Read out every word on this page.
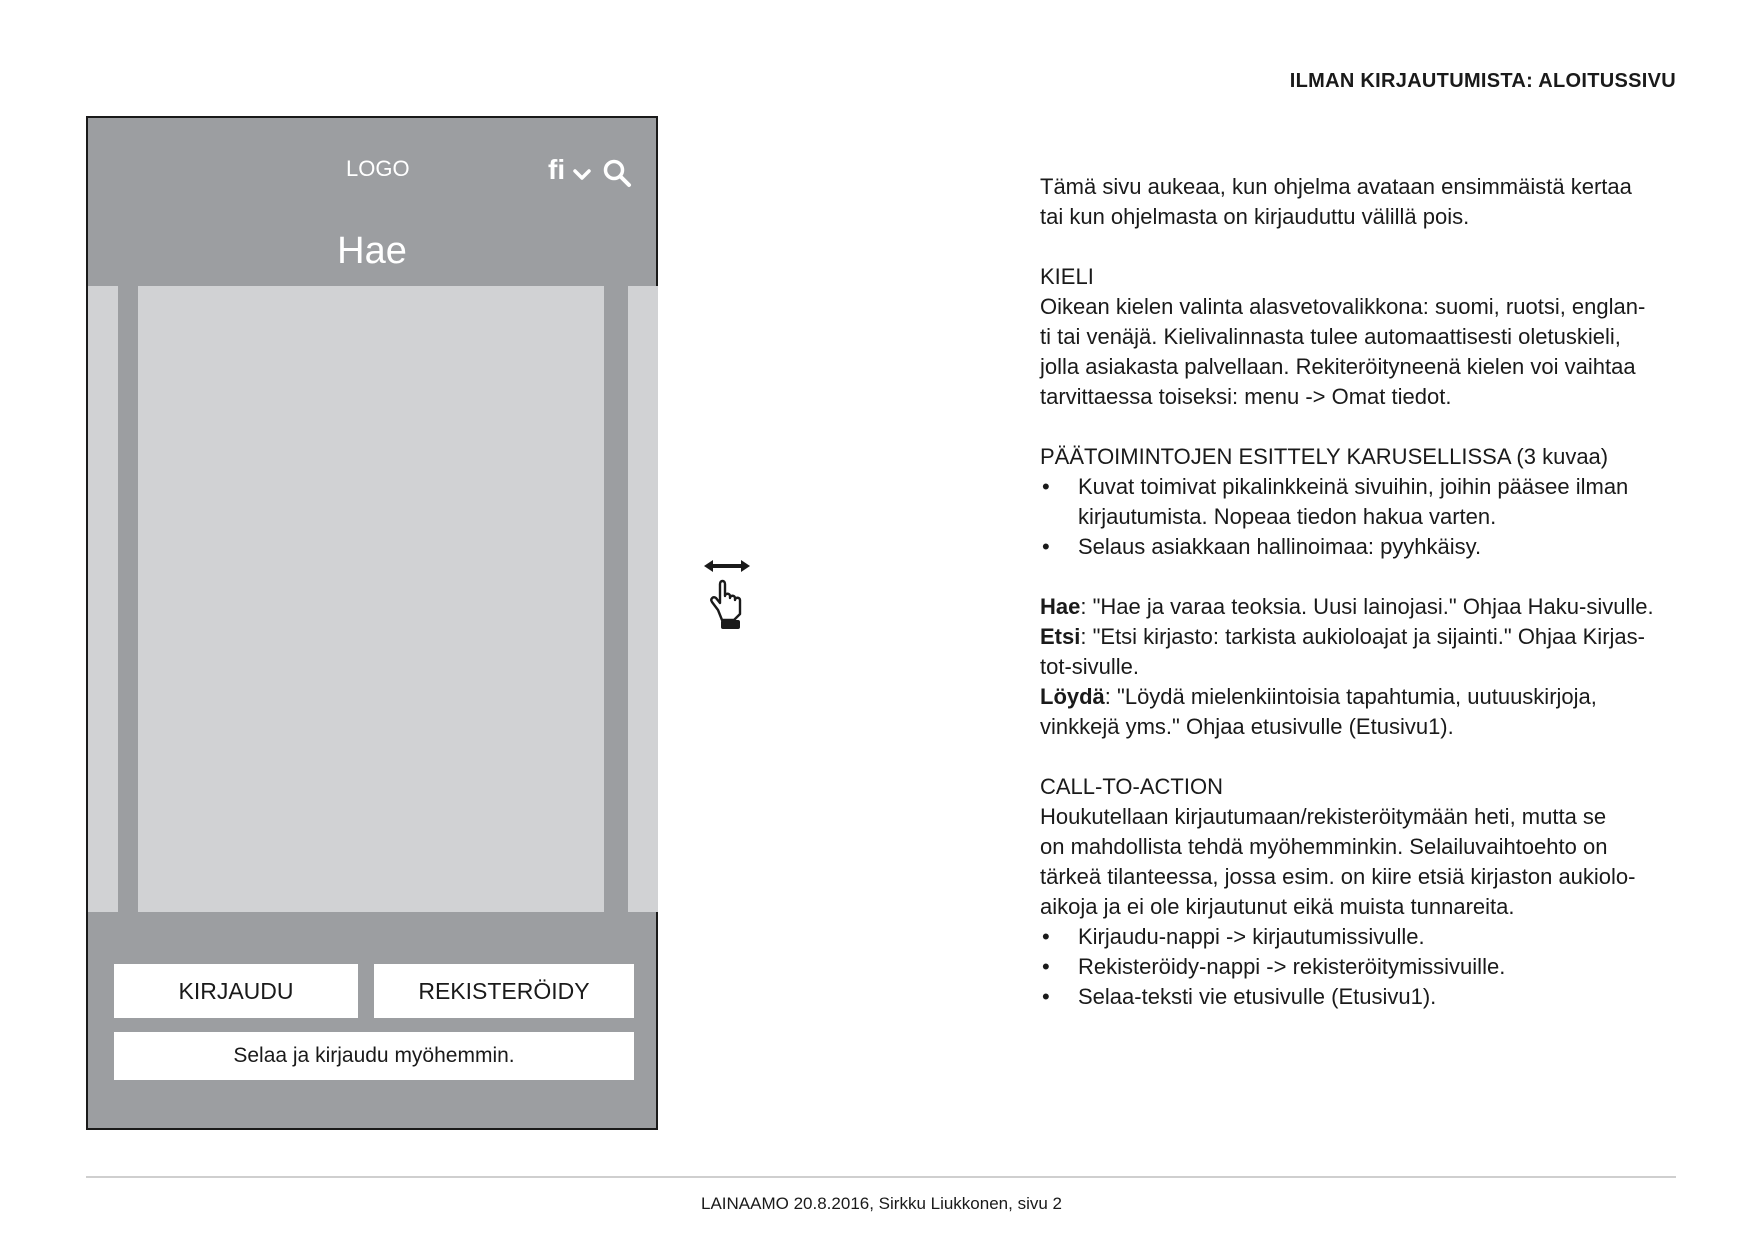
ILMAN KIRJAUTUMISTA: ALOITUSSIVU
LOGO	fi
Hae
KIRJAUDU	REKISTERÖIDY
Selaa ja kirjaudu myöhemmin.

Tämä sivu aukeaa, kun ohjelma avataan ensimmäistä kertaa

tai kun ohjelmasta on kirjauduttu välillä pois.

KIELI

Oikean kielen valinta alasvetovalikkona: suomi, ruotsi, englan-

ti tai venäjä. Kielivalinnasta tulee automaattisesti oletuskieli,

jolla asiakasta palvellaan. Rekiteröityneenä kielen voi vaihtaa

tarvittaessa toiseksi: menu -> Omat tiedot.

PÄÄTOIMINTOJEN ESITTELY KARUSELLISSA (3 kuvaa)

• Kuvat toimivat pikalinkkeinä sivuihin, joihin pääsee ilman
kirjautumista. Nopeaa tiedon hakua varten.
• Selaus asiakkaan hallinoimaa: pyyhkäisy.

Hae: "Hae ja varaa teoksia. Uusi lainojasi." Ohjaa Haku-sivulle.

Etsi: "Etsi kirjasto: tarkista aukioloajat ja sijainti." Ohjaa Kirjas-

tot-sivulle.

Löydä: "Löydä mielenkiintoisia tapahtumia, uutuuskirjoja,

vinkkejä yms." Ohjaa etusivulle (Etusivu1).

CALL-TO-ACTION

Houkutellaan kirjautumaan/rekisteröitymään heti, mutta se

on mahdollista tehdä myöhemminkin. Selailuvaihtoehto on

tärkeä tilanteessa, jossa esim. on kiire etsiä kirjaston aukiolo-

aikoja ja ei ole kirjautunut eikä muista tunnareita.

• Kirjaudu-nappi -> kirjautumissivulle.
• Rekisteröidy-nappi -> rekisteröitymissivuille.
• Selaa-teksti vie etusivulle (Etusivu1).
LAINAAMO 20.8.2016, Sirkku Liukkonen, sivu 2
